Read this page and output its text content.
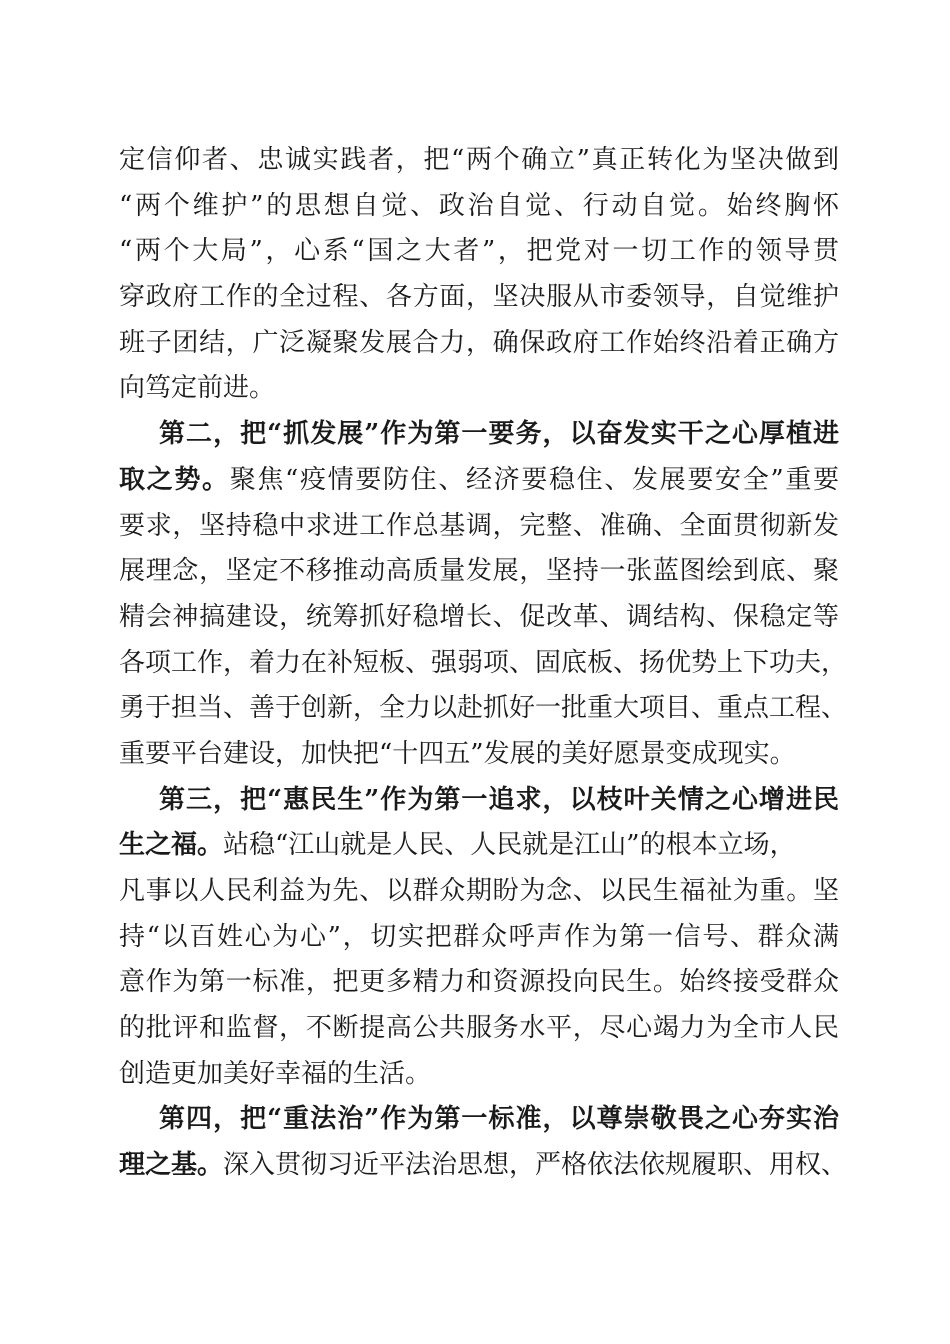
定信仰者、忠诚实践者，把“两个确立”真正转化为坚决做到
“两个维护”的思想自觉、政治自觉、行动自觉。始终胸怀
“两个大局”，心系“国之大者”，把党对一切工作的领导贯
穿政府工作的全过程、各方面，坚决服从市委领导，自觉维护
班子团结，广泛凝聚发展合力，确保政府工作始终沿着正确方
向笃定前进。
第二，把“抓发展”作为第一要务，以奋发实干之心厚植进
取之势。聚焦“疫情要防住、经济要稳住、发展要安全”重要
要求，坚持稳中求进工作总基调，完整、准确、全面贯彻新发
展理念，坚定不移推动高质量发展，坚持一张蓝图绘到底、聚
精会神搞建设，统筹抓好稳增长、促改革、调结构、保稳定等
各项工作，着力在补短板、强弱项、固底板、扬优势上下功夫，
勇于担当、善于创新，全力以赴抓好一批重大项目、重点工程、
重要平台建设，加快把“十四五”发展的美好愿景变成现实。
第三，把“惠民生”作为第一追求，以枝叶关情之心增进民
生之福。站稳“江山就是人民、人民就是江山”的根本立场，
凡事以人民利益为先、以群众期盼为念、以民生福祉为重。坚
持“以百姓心为心”，切实把群众呼声作为第一信号、群众满
意作为第一标准，把更多精力和资源投向民生。始终接受群众
的批评和监督，不断提高公共服务水平，尽心竭力为全市人民
创造更加美好幸福的生活。
第四，把“重法治”作为第一标准，以尊崇敬畏之心夯实治
理之基。深入贯彻习近平法治思想，严格依法依规履职、用权、
